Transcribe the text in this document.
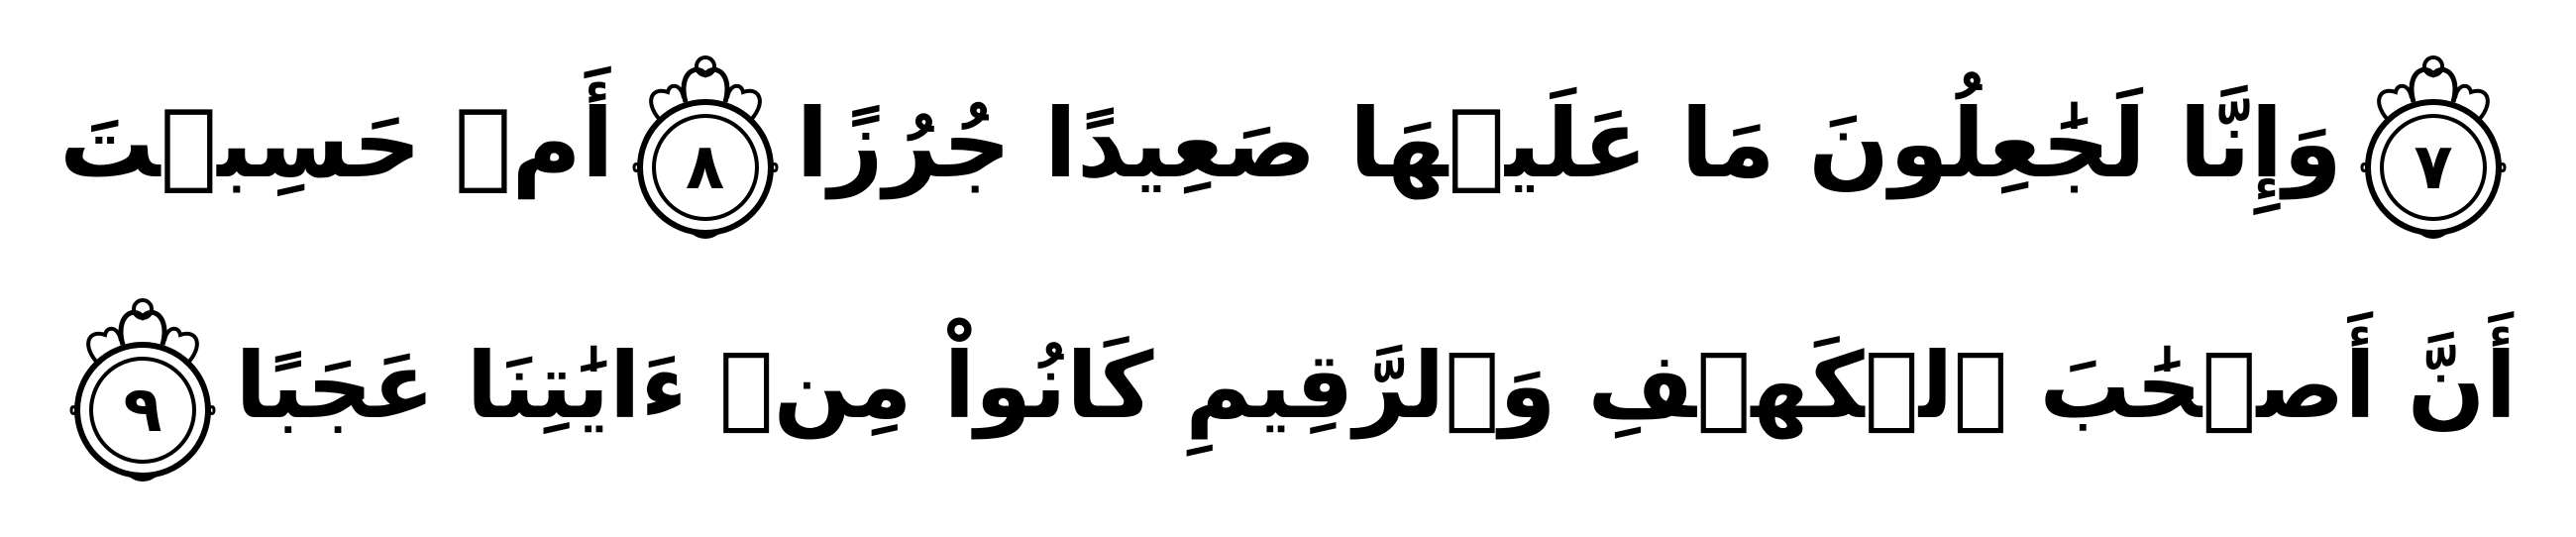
٧
وَإِنَّا لَجَٰعِلُونَ مَا عَلَيۡهَا صَعِيدًا جُرُزًا
٨
أَمۡ حَسِبۡتَ
أَنَّ أَصۡحَٰبَ ٱلۡكَهۡفِ وَٱلرَّقِيمِ كَانُواْ مِنۡ ءَايَٰتِنَا عَجَبًا
٩
